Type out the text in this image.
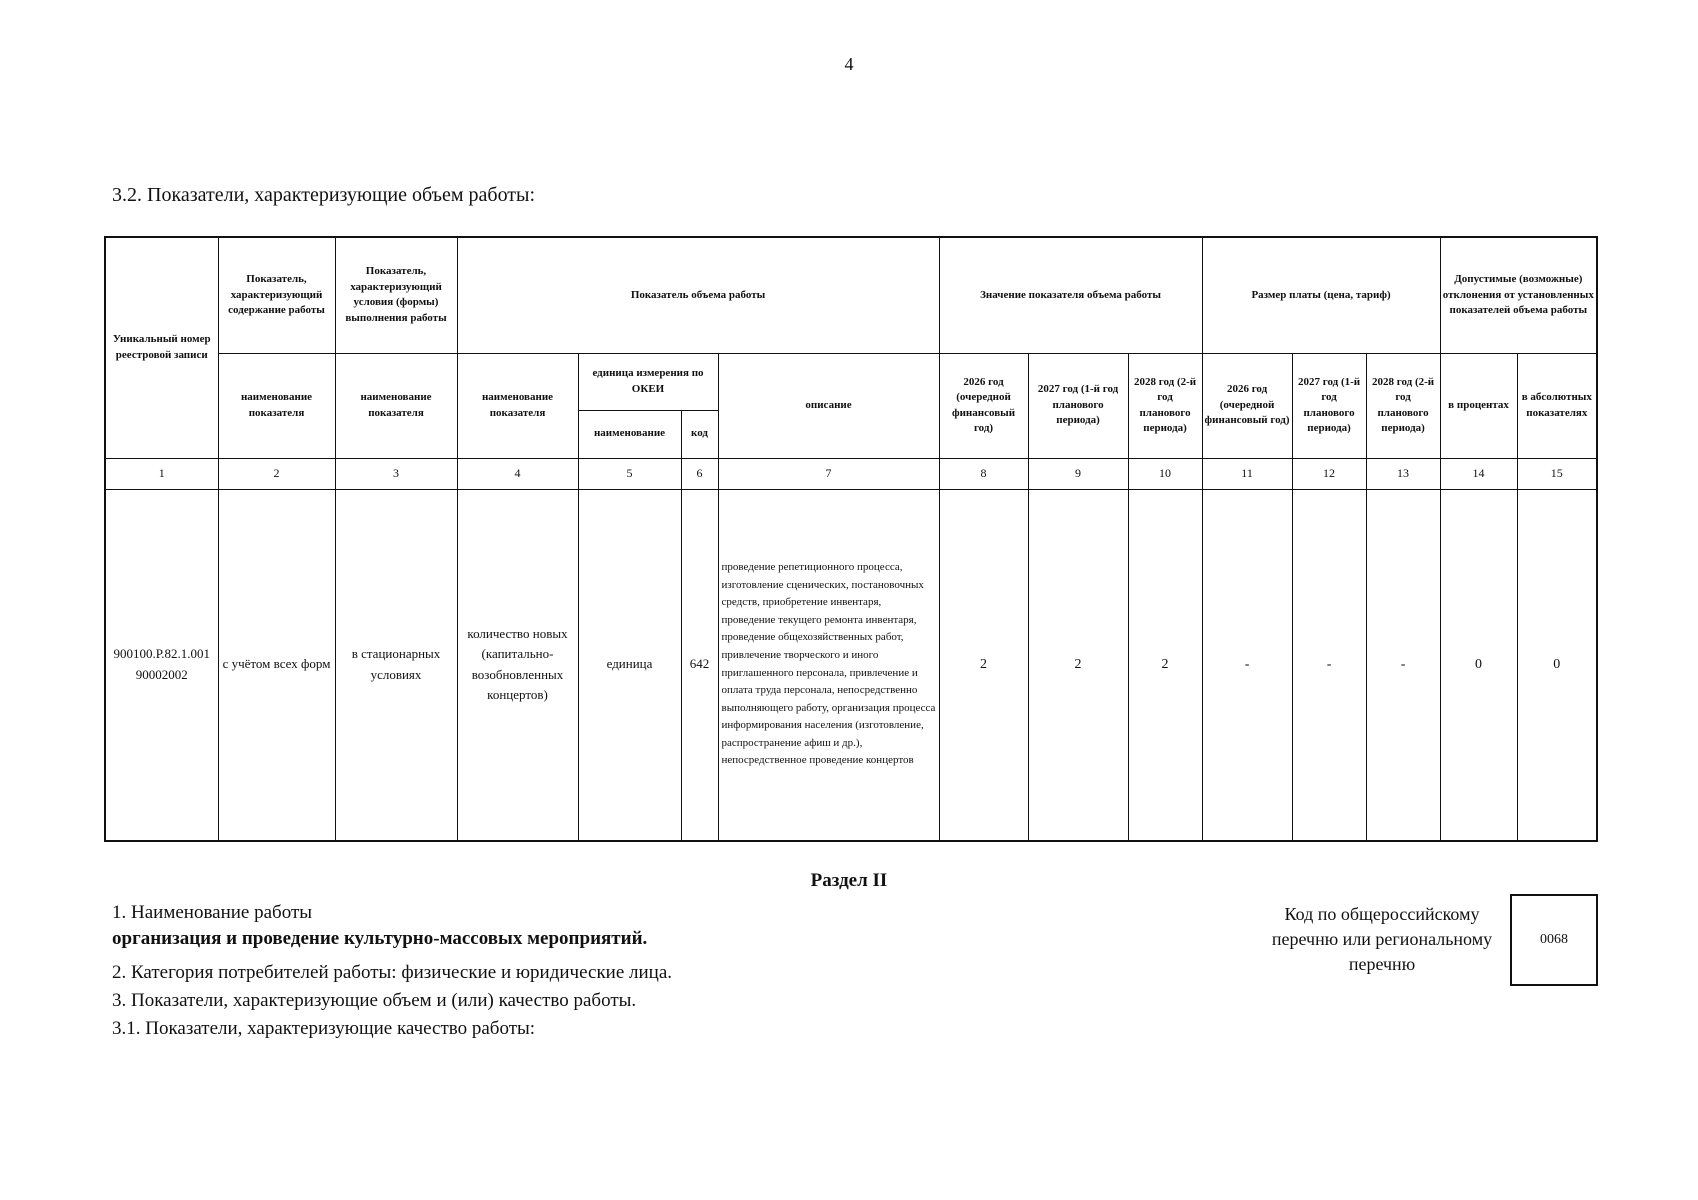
4
3.2. Показатели, характеризующие объем работы:
Уникальный номер реестровой записи	Показатель, характеризующий содержание работы	Показатель, характеризующий условия (формы) выполнения работы	Показатель объема работы				Значение показателя объема работы			Размер платы (цена, тариф)			Допустимые (возможные) отклонения от установленных показателей объема работы	
	наименование показателя	наименование показателя	наименование показателя	единица измерения по ОКЕИ		описание	2026 год (очередной финансовый год)	2027 год (1-й год планового периода)	2028 год (2-й год планового периода)	2026 год (очередной финансовый год)	2027 год (1-й год планового периода)	2028 год (2-й год планового периода)	в процентах	в абсолютных показателях
				наименование	код									
1	2	3	4	5	6	7	8	9	10	11	12	13	14	15
900100.Р.82.1.001 90002002	с учётом всех форм	в стационарных условиях	количество новых (капитально-возобновленных концертов)	единица	642	проведение репетиционного процесса, изготовление сценических, постановочных средств, приобретение инвентаря, проведение текущего ремонта инвентаря, проведение общехозяйственных работ, привлечение творческого и иного приглашенного персонала, привлечение и оплата труда персонала, непосредственно выполняющего работу, организация процесса информирования населения (изготовление, распространение афиш и др.), непосредственное проведение концертов	2	2	2	-	-	-	0	0
Раздел II
1. Наименование работы
организация и проведение культурно-массовых мероприятий.
2. Категория потребителей работы: физические и юридические лица.
3. Показатели, характеризующие объем и (или) качество работы.
3.1. Показатели, характеризующие качество работы:
Код по общероссийскому перечню или региональному перечню
0068
